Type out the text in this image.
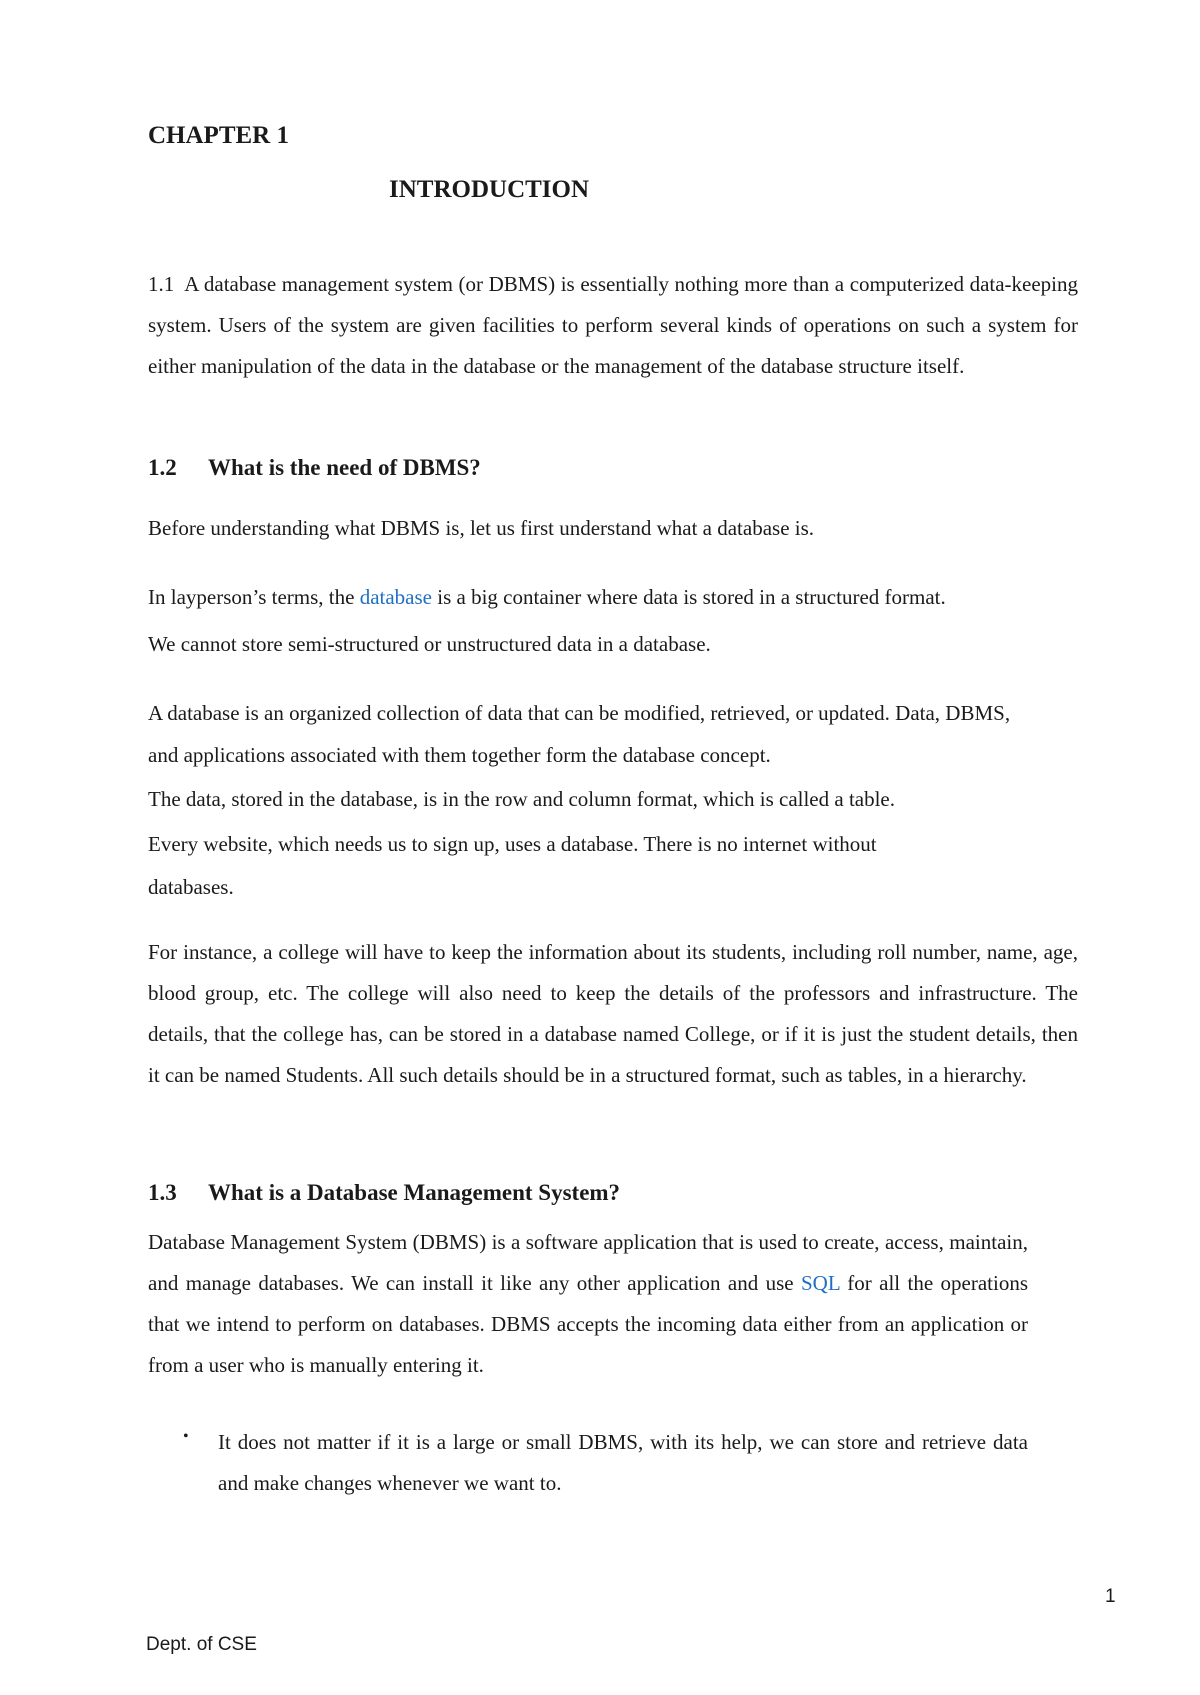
CHAPTER 1
INTRODUCTION

1.1 A database management system (or DBMS) is essentially nothing more than a computerized data-keeping system. Users of the system are given facilities to perform several kinds of operations on such a system for either manipulation of the data in the database or the management of the database structure itself.

1.2 What is the need of DBMS?
Before understanding what DBMS is, let us first understand what a database is.
In layperson’s terms, the database is a big container where data is stored in a structured format.
We cannot store semi-structured or unstructured data in a database.
A database is an organized collection of data that can be modified, retrieved, or updated. Data, DBMS,
and applications associated with them together form the database concept.
The data, stored in the database, is in the row and column format, which is called a table.
Every website, which needs us to sign up, uses a database. There is no internet without
databases.

For instance, a college will have to keep the information about its students, including roll number, name, age, blood group, etc. The college will also need to keep the details of the professors and infrastructure. The details, that the college has, can be stored in a database named College, or if it is just the student details, then it can be named Students. All such details should be in a structured format, such as tables, in a hierarchy.

1.3 What is a Database Management System?

Database Management System (DBMS) is a software application that is used to create, access, maintain, and manage databases. We can install it like any other application and use SQL for all the operations that we intend to perform on databases. DBMS accepts the incoming data either from an application or from a user who is manually entering it.

• It does not matter if it is a large or small DBMS, with its help, we can store and retrieve data and make changes whenever we want to.

1
Dept. of CSE
